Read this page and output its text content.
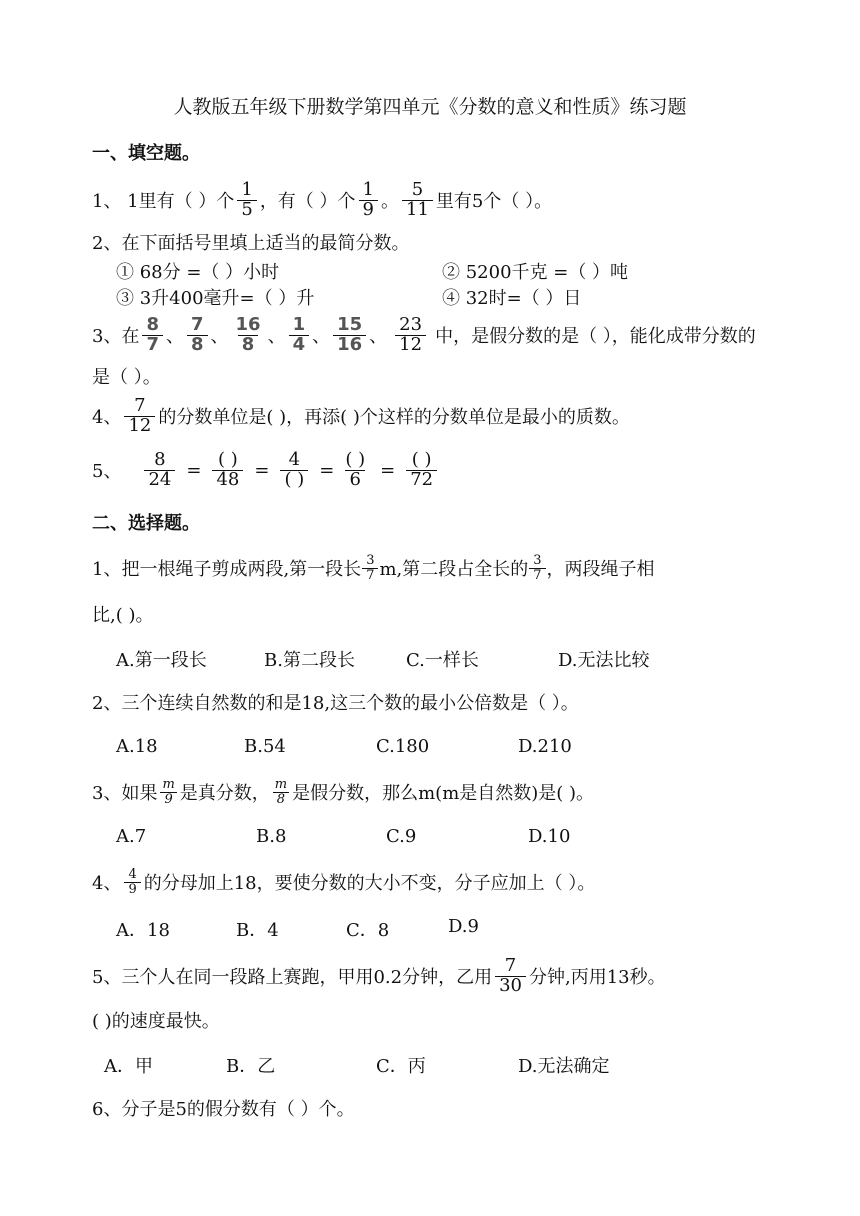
人教版五年级下册数学第四单元《分数的意义和性质》练习题
一、填空题。
1、 1里有（ ）个 $\frac{1}{5}$ ，有（ ）个 $\frac{1}{9}$ 。 $\frac{5}{11}$ 里有5个（ ）。
2、在下面括号里填上适当的最简分数。
① 68分 =（ ）小时	② 5200千克 =（ ）吨
③ 3升400毫升=（ ）升	④ 32时=（ ）日
3、在 $\frac{8}{7}$ 、 $\frac{7}{8}$ 、 $\frac{16}{8}$ 、 $\frac{1}{4}$ 、 $\frac{15}{16}$ 、 $\frac{23}{12}$ 中，是假分数的是（ ），能化成带分数的
是（ ）。
4、 $\frac{7}{12}$ 的分数单位是( )，再添( )个这样的分数单位是最小的质数。
5、 $\frac{8}{24} = \frac{( )}{48} = \frac{4}{( )} = \frac{( )}{6} = \frac{( )}{72}$
二、选择题。
1、把一根绳子剪成两段,第一段长 $\frac{3}{7} m$,第二段占全长的 $\frac{3}{7}$ ，两段绳子相
比,( )。
A.第一段长	B.第二段长	C.一样长	D.无法比较
2、三个连续自然数的和是18,这三个数的最小公倍数是（ ）。
A.18	B.54	C.180	D.210
3、如果 $\frac{m}{9}$ 是真分数， $\frac{m}{8}$ 是假分数，那么m(m是自然数)是( )。
A.7	B.8	C.9	D.10
4、 $\frac{4}{9}$ 的分母加上18，要使分数的大小不变，分子应加上（ ）。
A．18	B．4	C．8	D.9
5、三个人在同一段路上赛跑，甲用0.2分钟，乙用 $\frac{7}{30}$ 分钟,丙用13秒。
( )的速度最快。
A．甲	B．乙	C．丙	D.无法确定
6、分子是5的假分数有（ ）个。
